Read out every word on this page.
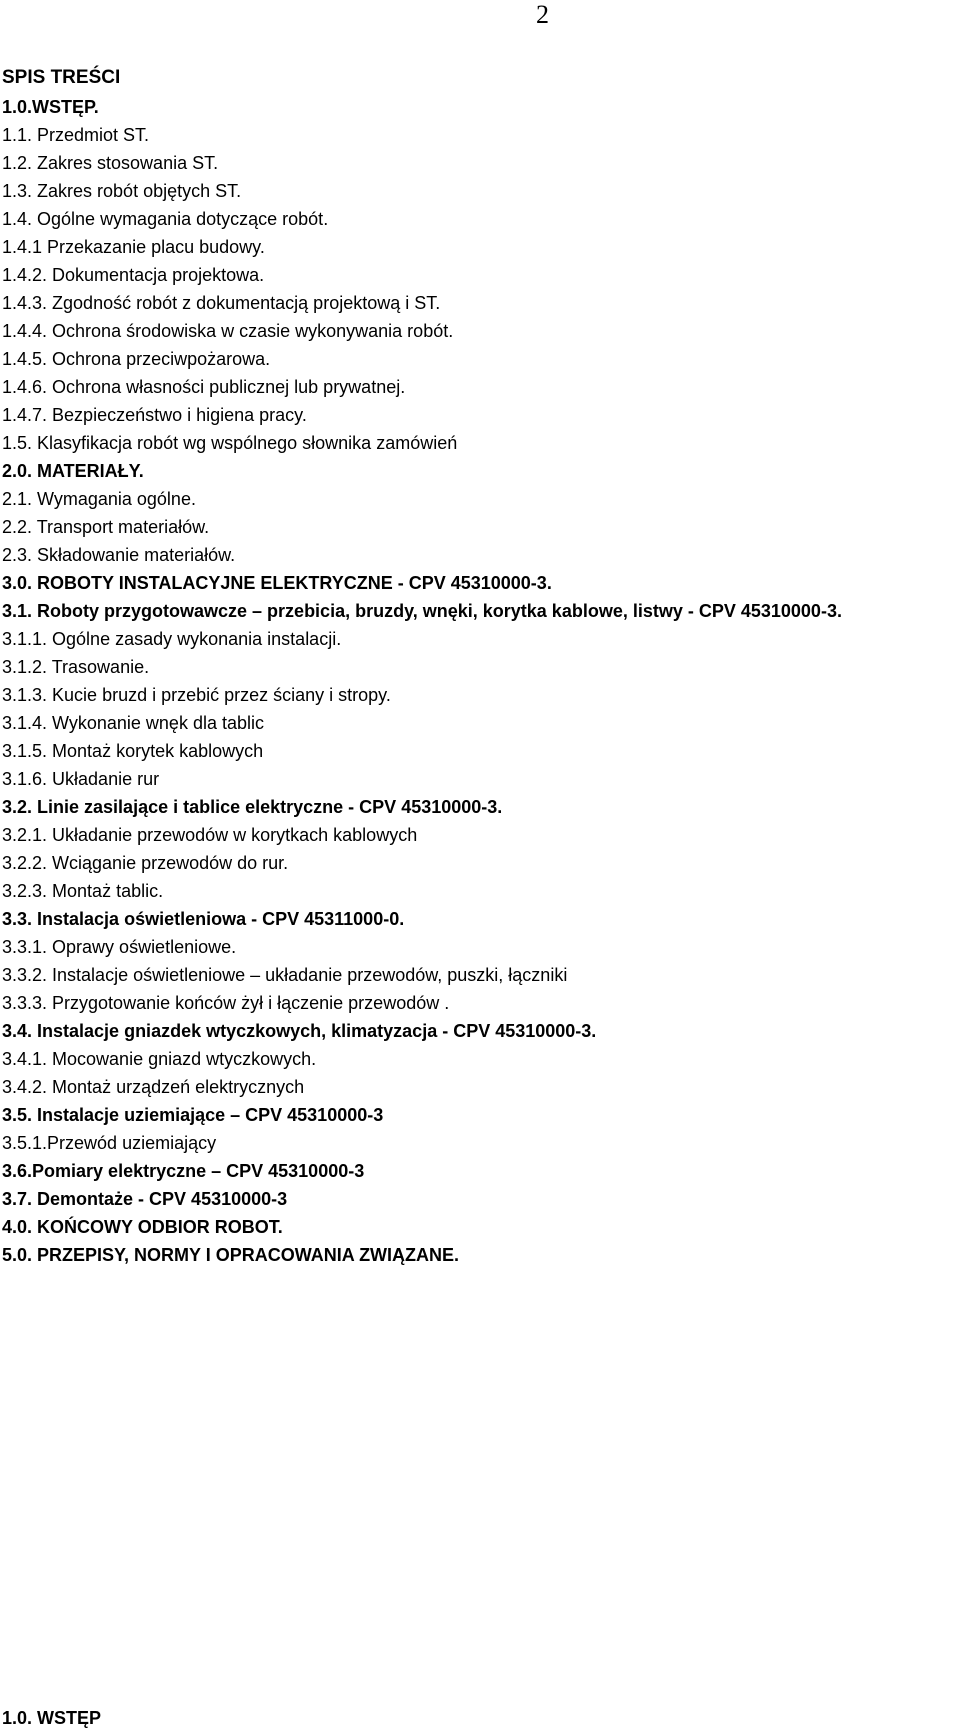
2
SPIS TREŚCI
1.0.WSTĘP.
1.1. Przedmiot ST.
1.2. Zakres stosowania ST.
1.3. Zakres robót objętych ST.
1.4. Ogólne wymagania dotyczące robót.
1.4.1 Przekazanie placu budowy.
1.4.2. Dokumentacja projektowa.
1.4.3. Zgodność robót z dokumentacją projektową i ST.
1.4.4. Ochrona środowiska w czasie wykonywania robót.
1.4.5. Ochrona przeciwpożarowa.
1.4.6. Ochrona własności publicznej lub prywatnej.
1.4.7. Bezpieczeństwo i higiena pracy.
1.5. Klasyfikacja robót wg wspólnego słownika zamówień
2.0. MATERIAŁY.
2.1. Wymagania ogólne.
2.2. Transport materiałów.
2.3. Składowanie materiałów.
3.0. ROBOTY INSTALACYJNE ELEKTRYCZNE - CPV 45310000-3.
3.1. Roboty przygotowawcze – przebicia, bruzdy, wnęki, korytka kablowe, listwy - CPV 45310000-3.
3.1.1. Ogólne zasady wykonania instalacji.
3.1.2. Trasowanie.
3.1.3. Kucie bruzd i przebić przez ściany i stropy.
3.1.4. Wykonanie wnęk dla tablic
3.1.5. Montaż korytek kablowych
3.1.6. Układanie rur
3.2. Linie zasilające i tablice elektryczne - CPV 45310000-3.
3.2.1. Układanie przewodów w korytkach kablowych
3.2.2. Wciąganie przewodów do rur.
3.2.3. Montaż tablic.
3.3. Instalacja oświetleniowa - CPV 45311000-0.
3.3.1. Oprawy oświetleniowe.
3.3.2. Instalacje oświetleniowe – układanie przewodów, puszki, łączniki
3.3.3. Przygotowanie końców żył i łączenie przewodów .
3.4. Instalacje gniazdek wtyczkowych, klimatyzacja - CPV 45310000-3.
3.4.1. Mocowanie gniazd wtyczkowych.
3.4.2. Montaż urządzeń elektrycznych
3.5. Instalacje uziemiające – CPV 45310000-3
3.5.1.Przewód uziemiający
3.6.Pomiary elektryczne – CPV 45310000-3
3.7. Demontaże - CPV 45310000-3
4.0. KOŃCOWY ODBIOR ROBOT.
5.0. PRZEPISY, NORMY I OPRACOWANIA ZWIĄZANE.
1.0. WSTĘP
